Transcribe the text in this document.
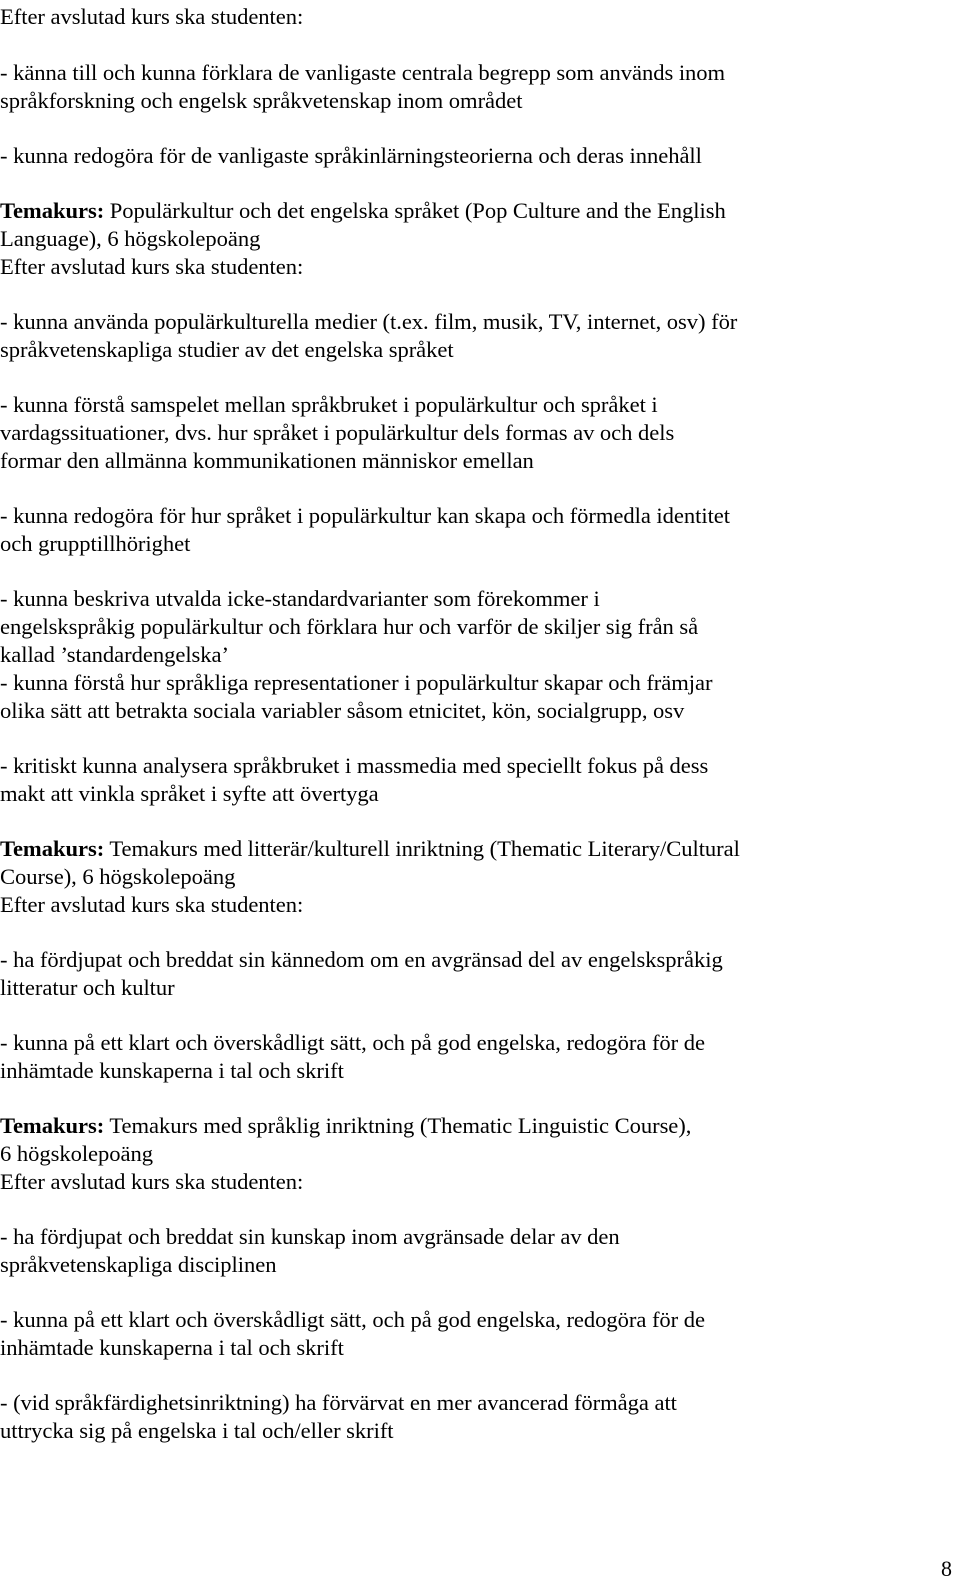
Efter avslutad kurs ska studenten:
- känna till och kunna förklara de vanligaste centrala begrepp som används inom
språkforskning och engelsk språkvetenskap inom området
- kunna redogöra för de vanligaste språkinlärningsteorierna och deras innehåll
Temakurs: Populärkultur och det engelska språket (Pop Culture and the English
Language), 6 högskolepoäng
Efter avslutad kurs ska studenten:
- kunna använda populärkulturella medier (t.ex. film, musik, TV, internet, osv) för
språkvetenskapliga studier av det engelska språket
- kunna förstå samspelet mellan språkbruket i populärkultur och språket i
vardagssituationer, dvs. hur språket i populärkultur dels formas av och dels
formar den allmänna kommunikationen människor emellan
- kunna redogöra för hur språket i populärkultur kan skapa och förmedla identitet
och grupptillhörighet
- kunna beskriva utvalda icke-standardvarianter som förekommer i
engelskspråkig populärkultur och förklara hur och varför de skiljer sig från så
kallad ’standardengelska’
- kunna förstå hur språkliga representationer i populärkultur skapar och främjar
olika sätt att betrakta sociala variabler såsom etnicitet, kön, socialgrupp, osv
- kritiskt kunna analysera språkbruket i massmedia med speciellt fokus på dess
makt att vinkla språket i syfte att övertyga
Temakurs: Temakurs med litterär/kulturell inriktning (Thematic Literary/Cultural
Course), 6 högskolepoäng
Efter avslutad kurs ska studenten:
- ha fördjupat och breddat sin kännedom om en avgränsad del av engelskspråkig
litteratur och kultur
- kunna på ett klart och överskådligt sätt, och på god engelska, redogöra för de
inhämtade kunskaperna i tal och skrift
Temakurs: Temakurs med språklig inriktning (Thematic Linguistic Course),
6 högskolepoäng
Efter avslutad kurs ska studenten:
- ha fördjupat och breddat sin kunskap inom avgränsade delar av den
språkvetenskapliga disciplinen
- kunna på ett klart och överskådligt sätt, och på god engelska, redogöra för de
inhämtade kunskaperna i tal och skrift
- (vid språkfärdighetsinriktning) ha förvärvat en mer avancerad förmåga att
uttrycka sig på engelska i tal och/eller skrift
8
